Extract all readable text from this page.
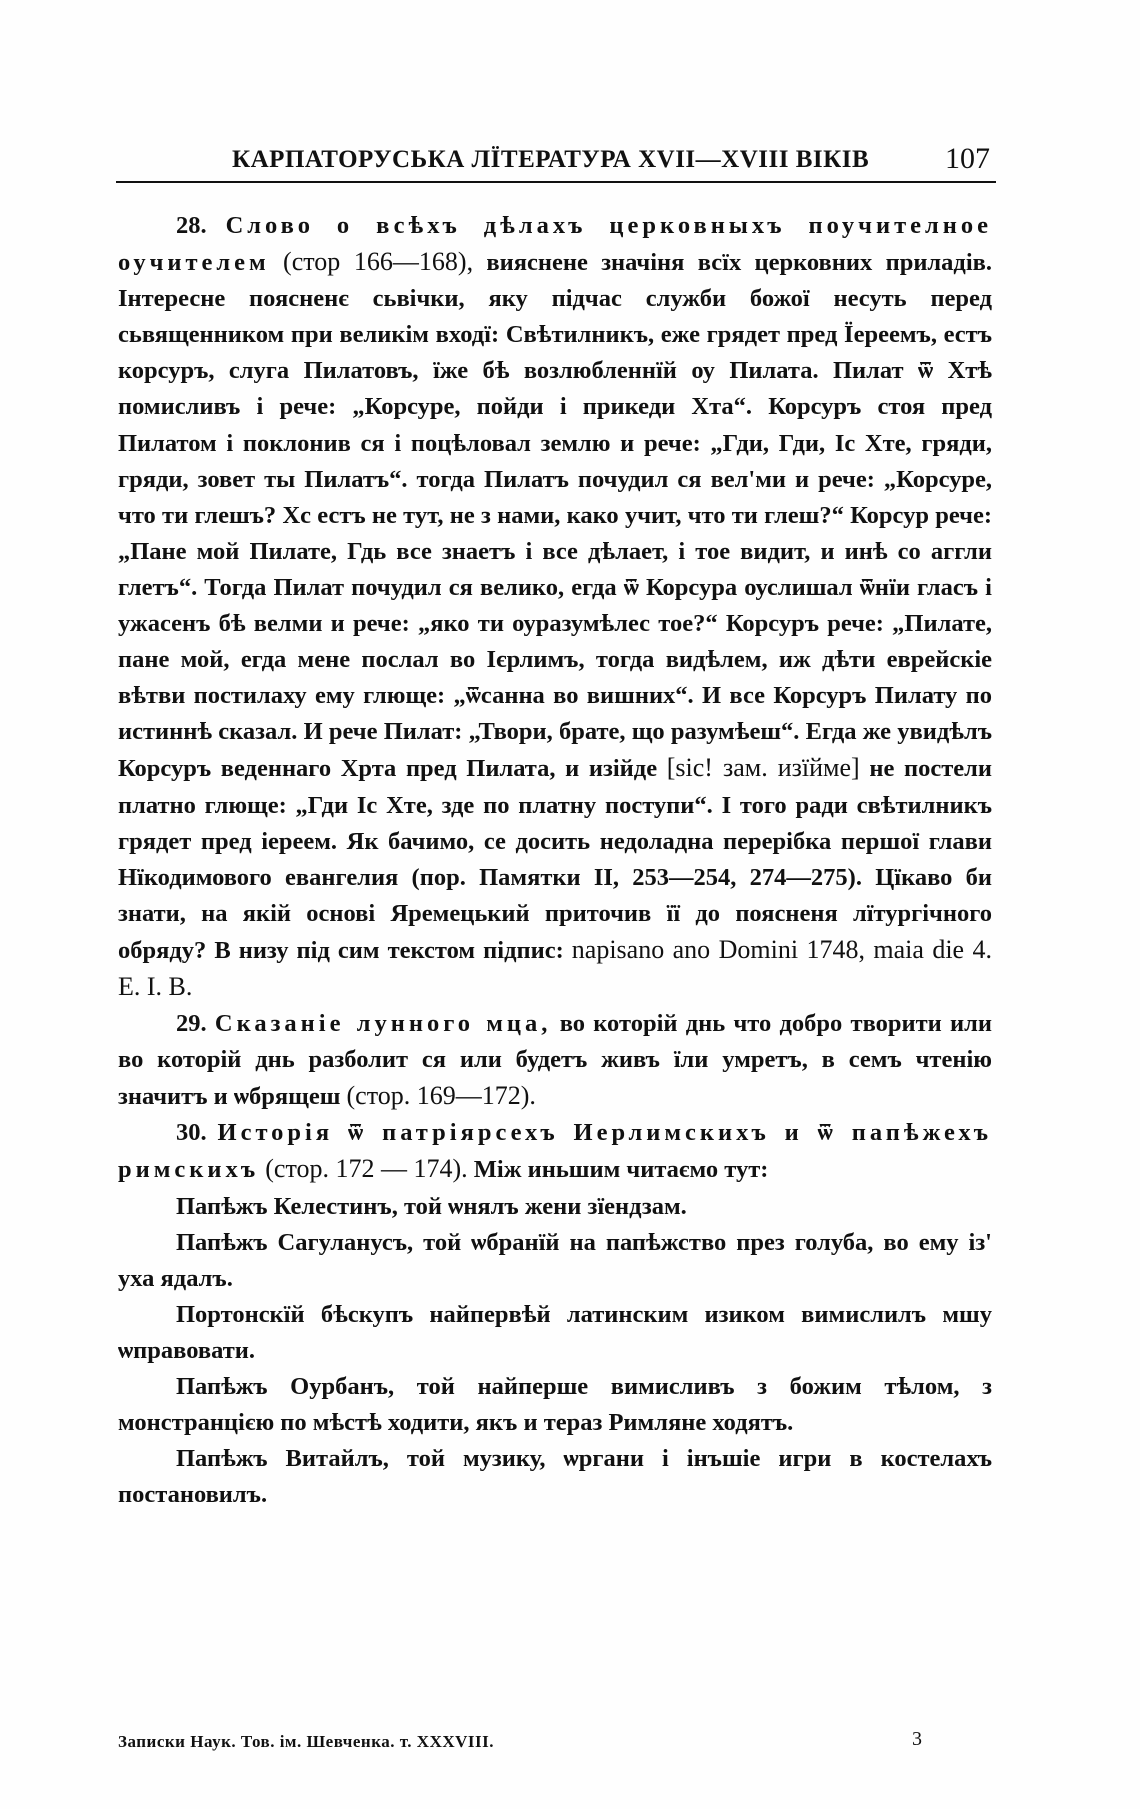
КАРПАТОРУСЬКА ЛЇТЕРАТУРА XVII—XVIII ВІКІВ	107

28. Слово о всѣхъ дѣлахъ церковныхъ поучителное оучителем (стор 166—168), вияснене значіня всїх церковних приладів. Інтересне поясненє сьвічки, яку підчас служби божої несуть перед сьвященником при великім входї: Свѣтилникъ, еже грядет пред Їереемъ, естъ корсуръ, слуга Пилатовъ, їже бѣ возлюбленнїй оу Пилата. Пилат ѿ Хтѣ помисливъ і рече: „Корсуре, пойди і прикеди Хта“. Корсуръ стоя пред Пилатом і поклонив ся і поцѣловал землю и рече: „Гди, Гди, Іс Хте, гряди, гряди, зовет ты Пилатъ“. тогда Пилатъ почудил ся вел'ми и рече: „Корсуре, что ти глешъ? Хс естъ не тут, не з нами, како учит, что ти глеш?“ Корсур рече: „Пане мой Пилате, Гдь все знаетъ і все дѣлает, і тое видит, и инѣ со аггли глетъ“. Тогда Пилат почудил ся велико, егда ѿ Корсура оуслишал ѿнїи гласъ і ужасенъ бѣ велми и рече: „яко ти оуразумѣлес тое?“ Корсуръ рече: „Пилате, пане мой, егда мене послал во Ієрлимъ, тогда видѣлем, иж дѣти еврейскіе вѣтви постилаху ему глюще: „ѿсанна во вишниx“. И все Корсуръ Пилату по истиннѣ сказал. И рече Пилат: „Твори, брате, що разумѣеш“. Егда же увидѣлъ Корсуръ веденнаго Хрта пред Пилата, и изійде [sic! зам. изїйме] не постели платно глюще: „Гди Іс Хте, зде по платну поступи“. І того ради свѣтилникъ грядет пред іереем. Як бачимо, се досить недоладна перерібка першої глави Нїкодимового евангелия (пор. Памятки II, 253—254, 274—275). Цїкаво би знати, на якій основі Яремецький приточив її до поясненя лїтургічного обряду? В низу під сим текстом підпис: napisano ano Domini 1748, maia die 4. E. I. B.

29. Сказаніе лунного мца, во которій днь что добро творити или во которій днь разболит ся или будетъ живъ їли умретъ, в семъ чтенію значитъ и ѡбрящеш (стор. 169—172).

30. Исторія ѿ патріярсехъ Иерлимскихъ и ѿ папѣжехъ римскихъ (стор. 172 — 174). Між иньшим читаємо тут:

Папѣжъ Келестинъ, той ѡнялъ жени зїендзам.

Папѣжъ Сагуланусъ, той ѡбранїй на папѣжство през голуба, во ему із' уха ядалъ.

Портонскїй бѣскупъ найпервѣй латинским изиком вимислилъ мшу ѡправовати.

Папѣжъ Оурбанъ, той найперше вимисливъ з божим тѣлом, з монстранцією по мѣстѣ ходити, якъ и тераз Римляне ходятъ.

Папѣжъ Витайлъ, той музику, ѡргани і інъшіе игри в костелахъ постановилъ.

Записки Наук. Тов. ім. Шевченка. т. XXXVIII.	3
